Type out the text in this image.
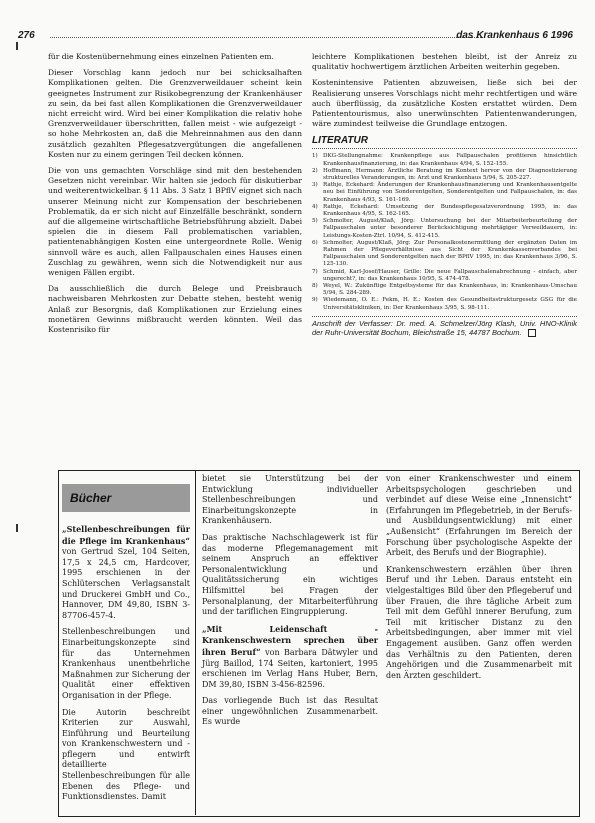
276	das Krankenhaus 6 1996

für die Kostenübernehmung eines einzelnen Patienten em.

Dieser Vorschlag kann jedoch nur bei schicksalhaften Komplikationen gelten. Die Grenzverweildauer scheint kein geeignetes Instrument zur Risikobegrenzung der Krankenhäuser zu sein, da bei fast allen Komplikationen die Grenzverweildauer nicht erreicht wird. Wird bei einer Komplikation die relativ hohe Grenzverweildauer überschritten, fallen meist - wie aufgezeigt - so hohe Mehrkosten an, daß die Mehreinnahmen aus den dann zusätzlich gezahlten Pflegesatzvergütungen die angefallenen Kosten nur zu einem geringen Teil decken können.

Die von uns gemachten Vorschläge sind mit den bestehenden Gesetzen nicht vereinbar. Wir halten sie jedoch für diskutierbar und weiterentwickelbar. § 11 Abs. 3 Satz 1 BPflV eignet sich nach unserer Meinung nicht zur Kompensation der beschriebenen Problematik, da er sich nicht auf Einzelfälle beschränkt, sondern auf die allgemeine wirtschaftliche Betriebsführung abzielt. Dabei spielen die in diesem Fall problematischen variablen, patientenabhängigen Kosten eine untergeordnete Rolle. Wenig sinnvoll wäre es auch, allen Fallpauschalen eines Hauses einen Zuschlag zu gewähren, wenn sich die Notwendigkeit nur aus wenigen Fällen ergibt.

Da ausschließlich die durch Belege und Preisbrauch nachweisbaren Mehrkosten zur Debatte stehen, besteht wenig Anlaß zur Besorgnis, daß Komplikationen zur Erzielung eines monetären Gewinns mißbraucht werden könnten. Weil das Kostenrisiko für

leichtere Komplikationen bestehen bleibt, ist der Anreiz zu qualitativ hochwertigem ärztlichen Arbeiten weiterhin gegeben.

Kostenintensive Patienten abzuweisen, ließe sich bei der Realisierung unseres Vorschlags nicht mehr rechtfertigen und wäre auch überflüssig, da zusätzliche Kosten erstattet würden. Dem Patiententourismus, also unerwünschten Patientenwanderungen, wäre zumindest teilweise die Grundlage entzogen.

LITERATUR
1) DKG-Stellungnahme: Krankenpflege aus Fallpauschalen profitieren hinsichtlich Krankenhausfinanzierung, in: das Krankenhaus 4/94, S. 152-155.
2) Hoffmann, Hermann: Ärztliche Beratung im Kontext hervor von der Diagnostizierung strukturelles Veranderungen, in: Arzt und Krankenhaus 5/94, S. 205-227.
3) Rathje, Eckehard: Änderungen der Krankenhausfinanzierung und Krankenhausentgelte neu bei Einführung von Sonderentgelten, Sonderentgelten und Fallpauschalen, in: das Krankenhaus 4/93, S. 161-169.
4) Rathje, Eckehard: Umsetzung der Bundespflegesatzverordnung 1995, in: das Krankenhaus 4/95, S. 162-165.
5) Schmolter, August/Klaß, Jörg: Untersuchung bei der Mitarbeiterbeurteilung der Fallpauschalen unter besonderer Berücksichtigung mehrtägiger Verweildauern, in: Leistungs-Kosten-Ztrl. 10/94, S. 412-415.
6) Schmolter, August/Klaß, Jörg: Zur Personalkostenermittlung der ergänzten Daten im Rahmen der Pflegeverhältnisse aus Sicht der Krankenkassenverbandes bei Fallpauschalen und Sonderentgelten nach der BPflV 1995, in: das Krankenhaus 3/96, S. 125-130.
7) Schmid, Karl-Josef/Hauser, Grille: Die neue Fallpauschalenabrechnung - einfach, aber ungerecht?, in: das Krankenhaus 10/95, S. 474-478.
8) Weyel, W.: Zukünftige Entgeltsysteme für das Krankenhaus, in: Krankenhaus-Umschau 5/94, S. 284-289.
9) Wiedemann, O. E.: Fekm, H. E.: Kosten des Gesundheitsstrukturgesetz GSG für die Universitätskliniken, in: Der Krankenhaus 3/95, S. 98-111.
Anschrift der Verfasser: Dr. med. A. Schmelzer/Jörg Klash, Univ. HNO-Klinik der Ruhr-Universität Bochum, Bleichstraße 15, 44787 Bochum.
Bücher

„Stellenbeschreibungen für die Pflege im Krankenhaus“ von Gertrud Szel, 104 Seiten, 17,5 x 24,5 cm, Hardcover, 1995 erschienen in der Schlüterschen Verlagsanstalt und Druckerei GmbH und Co., Hannover, DM 49,80, ISBN 3-87706-457-4.

Stellenbeschreibungen und Einarbeitungskonzepte sind für das Unternehmen Krankenhaus unentbehrliche Maßnahmen zur Sicherung der Qualität einer effektiven Organisation in der Pflege.

Die Autorin beschreibt Kriterien zur Auswahl, Einführung und Beurteilung von Krankenschwestern und -pflegern und entwirft detaillierte Stellenbeschreibungen für alle Ebenen des Pflege- und Funktionsdienstes. Damit

bietet sie Unterstützung bei der Entwicklung individueller Stellenbeschreibungen und Einarbeitungskonzepte in Krankenhäusern.

Das praktische Nachschlagewerk ist für das moderne Pflegemanagement mit seinem Anspruch an effektiver Personalentwicklung und Qualitätssicherung ein wichtiges Hilfsmittel bei Fragen der Personalplanung, der Mitarbeiterführung und der tariflichen Eingruppierung.

„Mit Leidenschaft - Krankenschwestern sprechen über ihren Beruf“ von Barbara Dätwyler und Jürg Baillod, 174 Seiten, kartoniert, 1995 erschienen im Verlag Hans Huber, Bern, DM 39,80, ISBN 3-456-82596.

Das vorliegende Buch ist das Resultat einer ungewöhnlichen Zusammenarbeit. Es wurde

von einer Krankenschwester und einem Arbeitspsychologen geschrieben und verbindet auf diese Weise eine „Innensicht“ (Erfahrungen im Pflegebetrieb, in der Berufs- und Ausbildungsentwicklung) mit einer „Außensicht“ (Erfahrungen im Bereich der Forschung über psychologische Aspekte der Arbeit, des Berufs und der Biographie).

Krankenschwestern erzählen über ihren Beruf und ihr Leben. Daraus entsteht ein vielgestaltiges Bild über den Pflegeberuf und über Frauen, die ihre tägliche Arbeit zum Teil mit dem Gefühl innerer Berufung, zum Teil mit kritischer Distanz zu den Arbeitsbedingungen, aber immer mit viel Engagement ausüben. Ganz offen werden das Verhältnis zu den Patienten, deren Angehörigen und die Zusammenarbeit mit den Ärzten geschildert.
